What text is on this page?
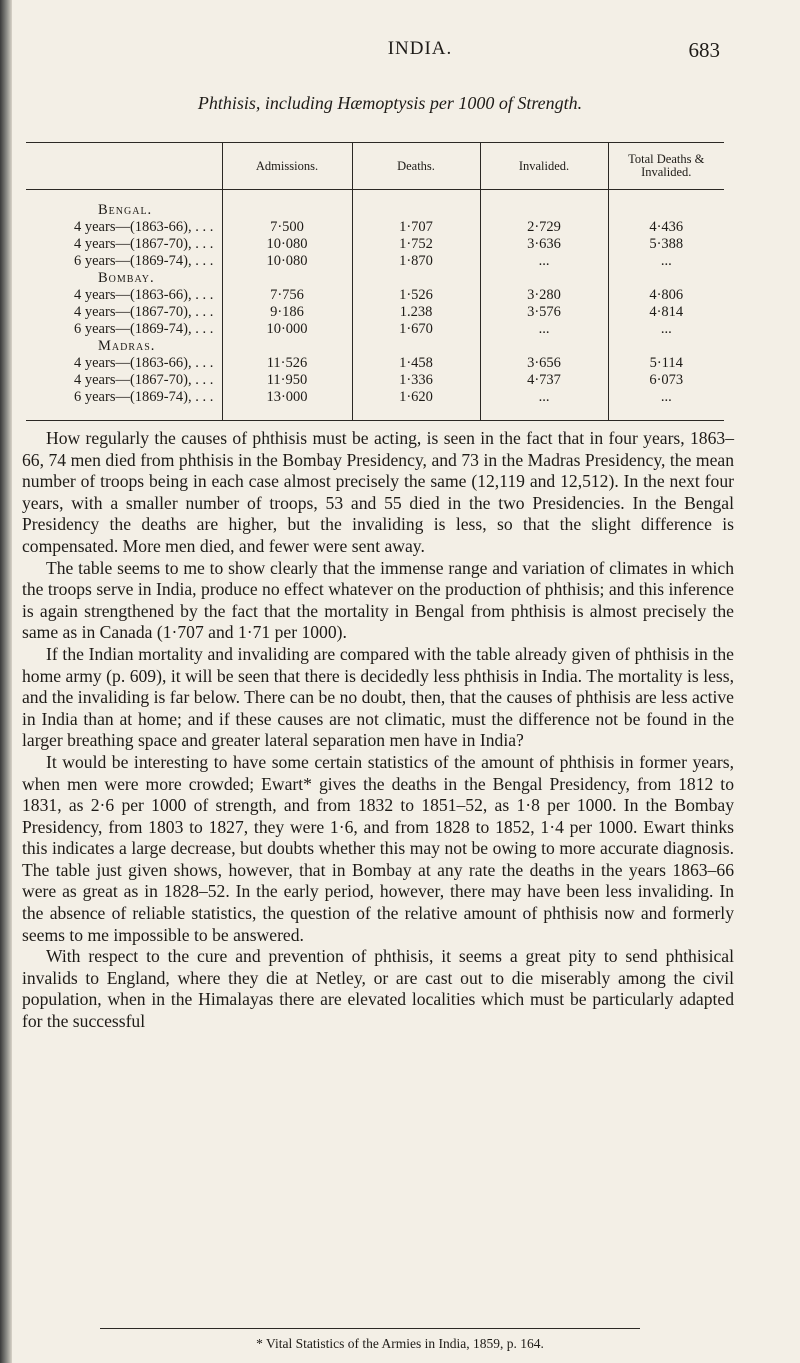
INDIA.	683
Phthisis, including Hæmoptysis per 1000 of Strength.
	Admissions.	Deaths.	Invalided.	Total Deaths & Invalided.

Bengal.				
4 years—(1863-66), . . .	7·500	1·707	2·729	4·436
4 years—(1867-70), . . .	10·080	1·752	3·636	5·388
6 years—(1869-74), . . .	10·080	1·870	...	...
Bombay.				
4 years—(1863-66), . . .	7·756	1·526	3·280	4·806
4 years—(1867-70), . . .	9·186	1.238	3·576	4·814
6 years—(1869-74), . . .	10·000	1·670	...	...
Madras.				
4 years—(1863-66), . . .	11·526	1·458	3·656	5·114
4 years—(1867-70), . . .	11·950	1·336	4·737	6·073
6 years—(1869-74), . . .	13·000	1·620	...	...

How regularly the causes of phthisis must be acting, is seen in the fact that in four years, 1863–66, 74 men died from phthisis in the Bombay Presidency, and 73 in the Madras Presidency, the mean number of troops being in each case almost precisely the same (12,119 and 12,512). In the next four years, with a smaller number of troops, 53 and 55 died in the two Presidencies. In the Bengal Presidency the deaths are higher, but the invaliding is less, so that the slight difference is compensated. More men died, and fewer were sent away.

The table seems to me to show clearly that the immense range and variation of climates in which the troops serve in India, produce no effect whatever on the production of phthisis; and this inference is again strengthened by the fact that the mortality in Bengal from phthisis is almost precisely the same as in Canada (1·707 and 1·71 per 1000).

If the Indian mortality and invaliding are compared with the table already given of phthisis in the home army (p. 609), it will be seen that there is decidedly less phthisis in India. The mortality is less, and the invaliding is far below. There can be no doubt, then, that the causes of phthisis are less active in India than at home; and if these causes are not climatic, must the difference not be found in the larger breathing space and greater lateral separation men have in India?

It would be interesting to have some certain statistics of the amount of phthisis in former years, when men were more crowded; Ewart* gives the deaths in the Bengal Presidency, from 1812 to 1831, as 2·6 per 1000 of strength, and from 1832 to 1851–52, as 1·8 per 1000. In the Bombay Presidency, from 1803 to 1827, they were 1·6, and from 1828 to 1852, 1·4 per 1000. Ewart thinks this indicates a large decrease, but doubts whether this may not be owing to more accurate diagnosis. The table just given shows, however, that in Bombay at any rate the deaths in the years 1863–66 were as great as in 1828–52. In the early period, however, there may have been less invaliding. In the absence of reliable statistics, the question of the relative amount of phthisis now and formerly seems to me impossible to be answered.

With respect to the cure and prevention of phthisis, it seems a great pity to send phthisical invalids to England, where they die at Netley, or are cast out to die miserably among the civil population, when in the Himalayas there are elevated localities which must be particularly adapted for the successful

* Vital Statistics of the Armies in India, 1859, p. 164.
